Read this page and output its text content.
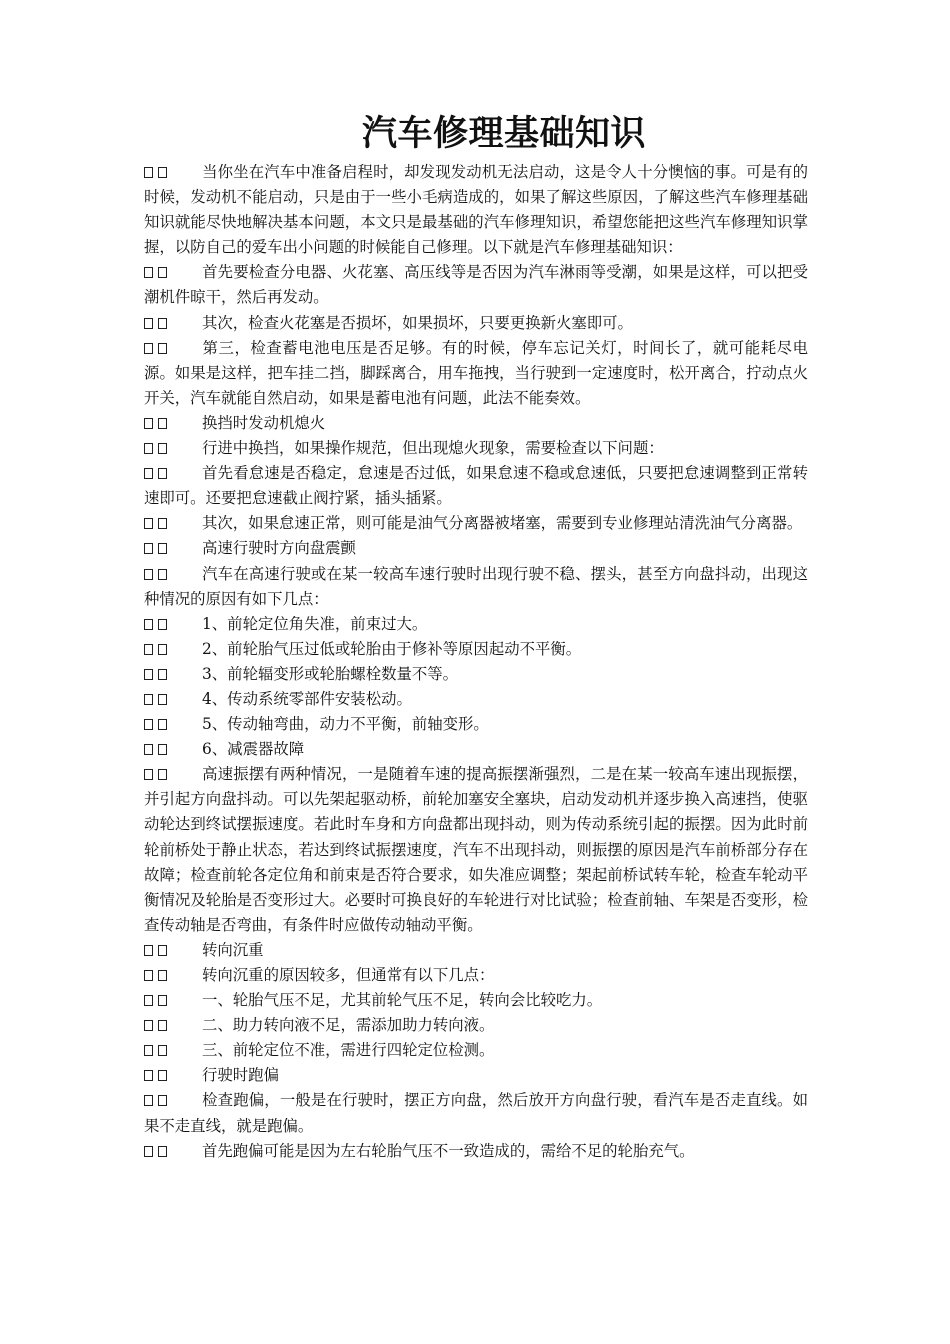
汽车修理基础知识

当你坐在汽车中准备启程时，却发现发动机无法启动，这是令人十分懊恼的事。可是有的时候，发动机不能启动，只是由于一些小毛病造成的，如果了解这些原因，了解这些汽车修理基础知识就能尽快地解决基本问题，本文只是最基础的汽车修理知识，希望您能把这些汽车修理知识掌握，以防自己的爱车出小问题的时候能自己修理。以下就是汽车修理基础知识：

首先要检查分电器、火花塞、高压线等是否因为汽车淋雨等受潮，如果是这样，可以把受潮机件晾干，然后再发动。

其次，检查火花塞是否损坏，如果损坏，只要更换新火塞即可。

第三，检查蓄电池电压是否足够。有的时候，停车忘记关灯，时间长了，就可能耗尽电源。如果是这样，把车挂二挡，脚踩离合，用车拖拽，当行驶到一定速度时，松开离合，拧动点火开关，汽车就能自然启动，如果是蓄电池有问题，此法不能奏效。

换挡时发动机熄火

行进中换挡，如果操作规范，但出现熄火现象，需要检查以下问题：

首先看怠速是否稳定，怠速是否过低，如果怠速不稳或怠速低，只要把怠速调整到正常转速即可。还要把怠速截止阀拧紧，插头插紧。

其次，如果怠速正常，则可能是油气分离器被堵塞，需要到专业修理站清洗油气分离器。

高速行驶时方向盘震颤

汽车在高速行驶或在某一较高车速行驶时出现行驶不稳、摆头，甚至方向盘抖动，出现这种情况的原因有如下几点：

1、前轮定位角失准，前束过大。

2、前轮胎气压过低或轮胎由于修补等原因起动不平衡。

3、前轮辐变形或轮胎螺栓数量不等。

4、传动系统零部件安装松动。

5、传动轴弯曲，动力不平衡，前轴变形。

6、减震器故障

高速振摆有两种情况，一是随着车速的提高振摆渐强烈，二是在某一较高车速出现振摆，并引起方向盘抖动。可以先架起驱动桥，前轮加塞安全塞块，启动发动机并逐步换入高速挡，使驱动轮达到终试摆振速度。若此时车身和方向盘都出现抖动，则为传动系统引起的振摆。因为此时前轮前桥处于静止状态，若达到终试振摆速度，汽车不出现抖动，则振摆的原因是汽车前桥部分存在故障；检查前轮各定位角和前束是否符合要求，如失准应调整；架起前桥试转车轮，检查车轮动平衡情况及轮胎是否变形过大。必要时可换良好的车轮进行对比试验；检查前轴、车架是否变形，检查传动轴是否弯曲，有条件时应做传动轴动平衡。

转向沉重

转向沉重的原因较多，但通常有以下几点：

一、轮胎气压不足，尤其前轮气压不足，转向会比较吃力。

二、助力转向液不足，需添加助力转向液。

三、前轮定位不准，需进行四轮定位检测。

行驶时跑偏

检查跑偏，一般是在行驶时，摆正方向盘，然后放开方向盘行驶，看汽车是否走直线。如果不走直线，就是跑偏。

首先跑偏可能是因为左右轮胎气压不一致造成的，需给不足的轮胎充气。
